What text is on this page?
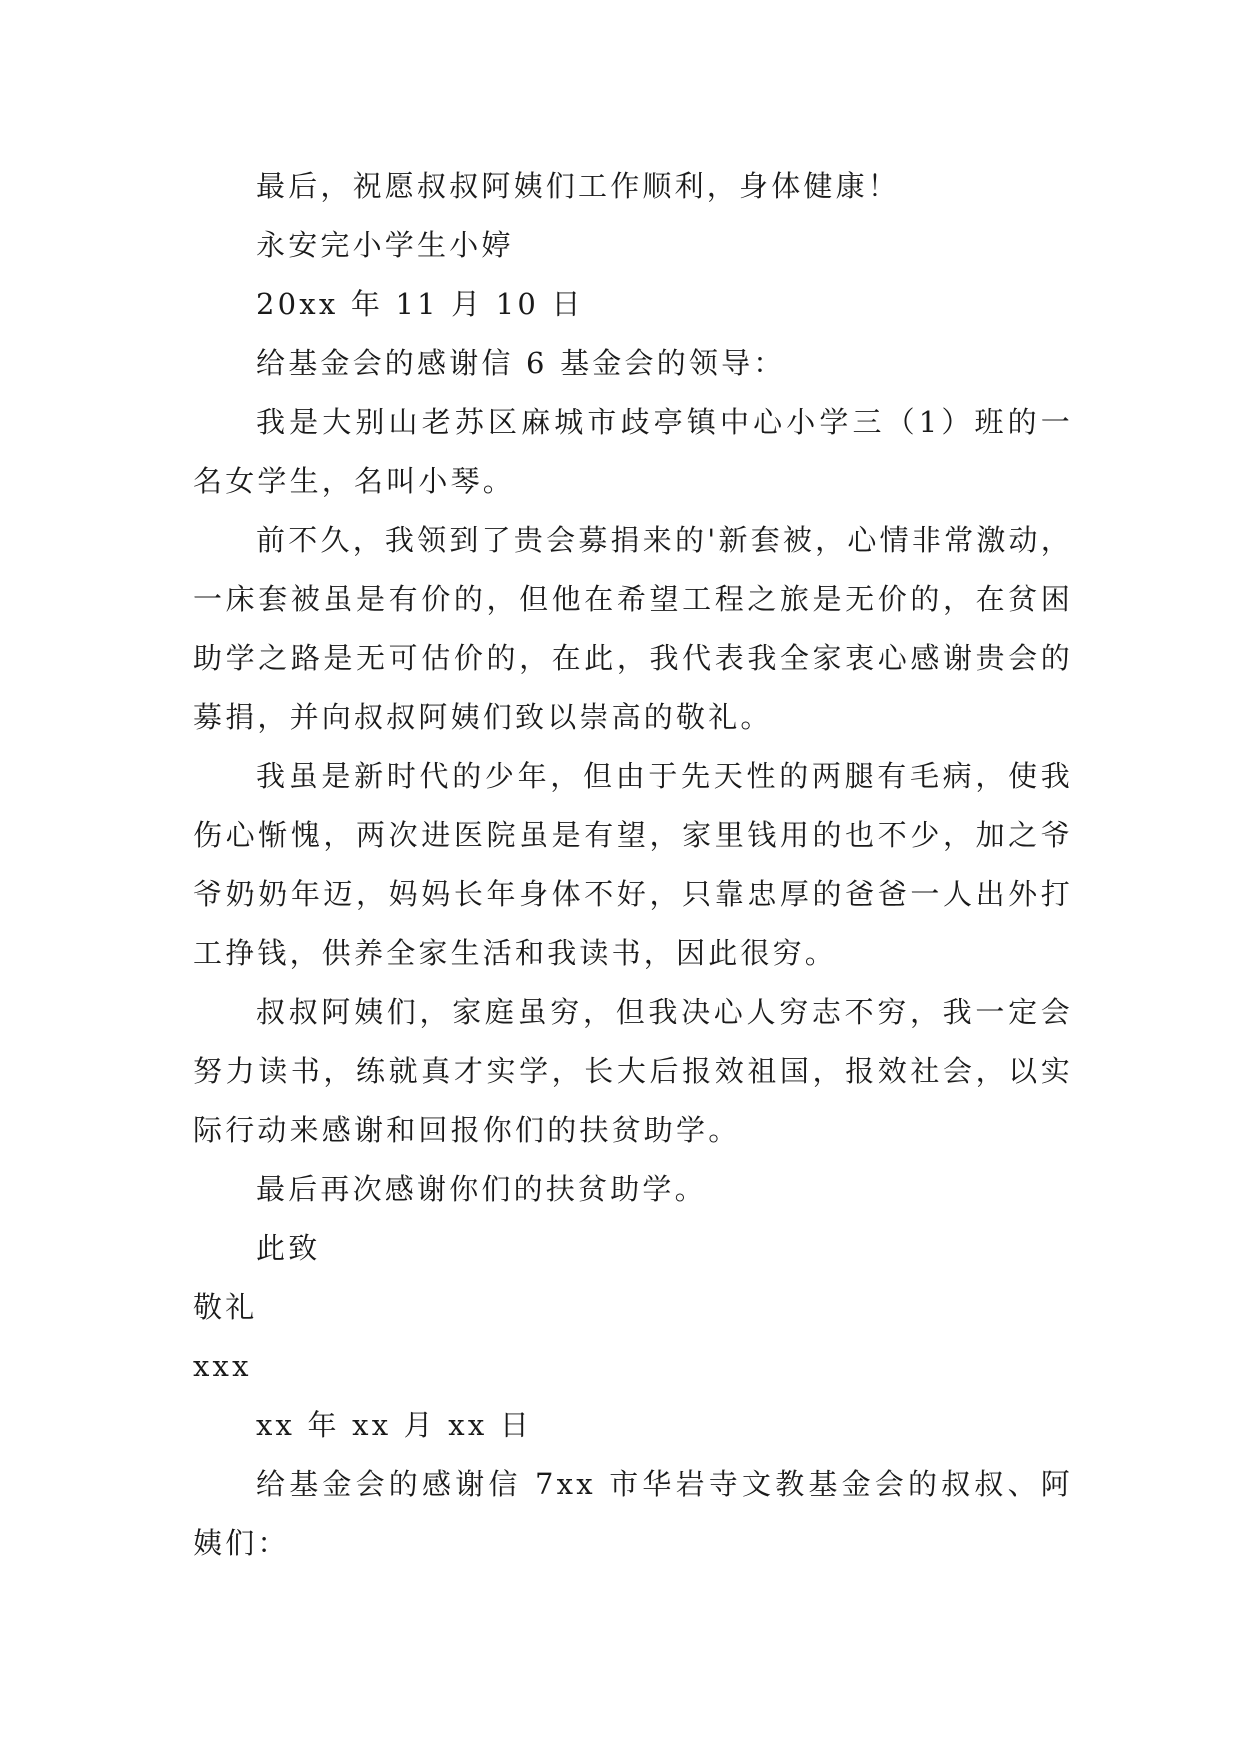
最后，祝愿叔叔阿姨们工作顺利，身体健康！
永安完小学生小婷
20xx 年 11 月 10 日
给基金会的感谢信 6 基金会的领导：

我是大别山老苏区麻城市歧亭镇中心小学三（1）班的一名女学生，名叫小琴。

前不久，我领到了贵会募捐来的'新套被，心情非常激动，一床套被虽是有价的，但他在希望工程之旅是无价的，在贫困助学之路是无可估价的，在此，我代表我全家衷心感谢贵会的募捐，并向叔叔阿姨们致以崇高的敬礼。

我虽是新时代的少年，但由于先天性的两腿有毛病，使我伤心惭愧，两次进医院虽是有望，家里钱用的也不少，加之爷爷奶奶年迈，妈妈长年身体不好，只靠忠厚的爸爸一人出外打工挣钱，供养全家生活和我读书，因此很穷。

叔叔阿姨们，家庭虽穷，但我决心人穷志不穷，我一定会努力读书，练就真才实学，长大后报效祖国，报效社会，以实际行动来感谢和回报你们的扶贫助学。

最后再次感谢你们的扶贫助学。
此致
敬礼
xxx
xx 年 xx 月 xx 日

给基金会的感谢信 7xx 市华岩寺文教基金会的叔叔、阿姨们：
